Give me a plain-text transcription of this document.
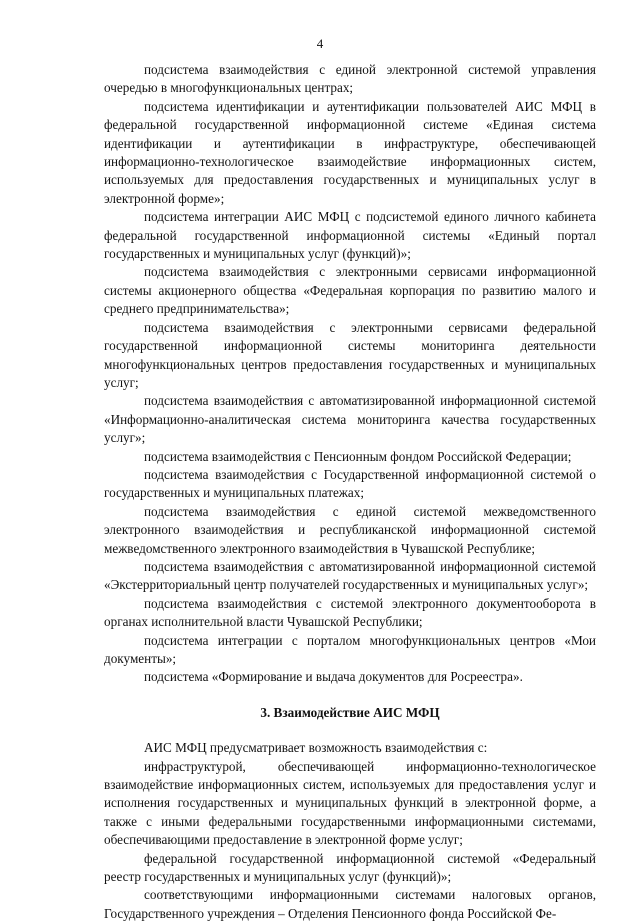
4

подсистема взаимодействия с единой электронной системой управления очередью в многофункциональных центрах;

подсистема идентификации и аутентификации пользователей АИС МФЦ в федеральной государственной информационной системе «Единая система идентификации и аутентификации в инфраструктуре, обеспечивающей информационно-технологическое взаимодействие информационных систем, используемых для предоставления государственных и муниципальных услуг в электронной форме»;

подсистема интеграции АИС МФЦ с подсистемой единого личного кабинета федеральной государственной информационной системы «Единый портал государственных и муниципальных услуг (функций)»;

подсистема взаимодействия с электронными сервисами информационной системы акционерного общества «Федеральная корпорация по развитию малого и среднего предпринимательства»;

подсистема взаимодействия с электронными сервисами федеральной государственной информационной системы мониторинга деятельности многофункциональных центров предоставления государственных и муниципальных услуг;

подсистема взаимодействия с автоматизированной информационной системой «Информационно-аналитическая система мониторинга качества государственных услуг»;

подсистема взаимодействия с Пенсионным фондом Российской Федерации;

подсистема взаимодействия с Государственной информационной системой о государственных и муниципальных платежах;

подсистема взаимодействия с единой системой межведомственного электронного взаимодействия и республиканской информационной системой межведомственного электронного взаимодействия в Чувашской Республике;

подсистема взаимодействия с автоматизированной информационной системой «Экстерриториальный центр получателей государственных и муниципальных услуг»;

подсистема взаимодействия с системой электронного документооборота в органах исполнительной власти Чувашской Республики;

подсистема интеграции с порталом многофункциональных центров «Мои документы»;

подсистема «Формирование и выдача документов для Росреестра».

3. Взаимодействие АИС МФЦ

АИС МФЦ предусматривает возможность взаимодействия с:

инфраструктурой, обеспечивающей информационно-технологическое взаимодействие информационных систем, используемых для предоставления услуг и исполнения государственных и муниципальных функций в электронной форме, а также с иными федеральными государственными информационными системами, обеспечивающими предоставление в электронной форме услуг;

федеральной государственной информационной системой «Федеральный реестр государственных и муниципальных услуг (функций)»;

соответствующими информационными системами налоговых органов, Государственного учреждения – Отделения Пенсионного фонда Российской Фе-
